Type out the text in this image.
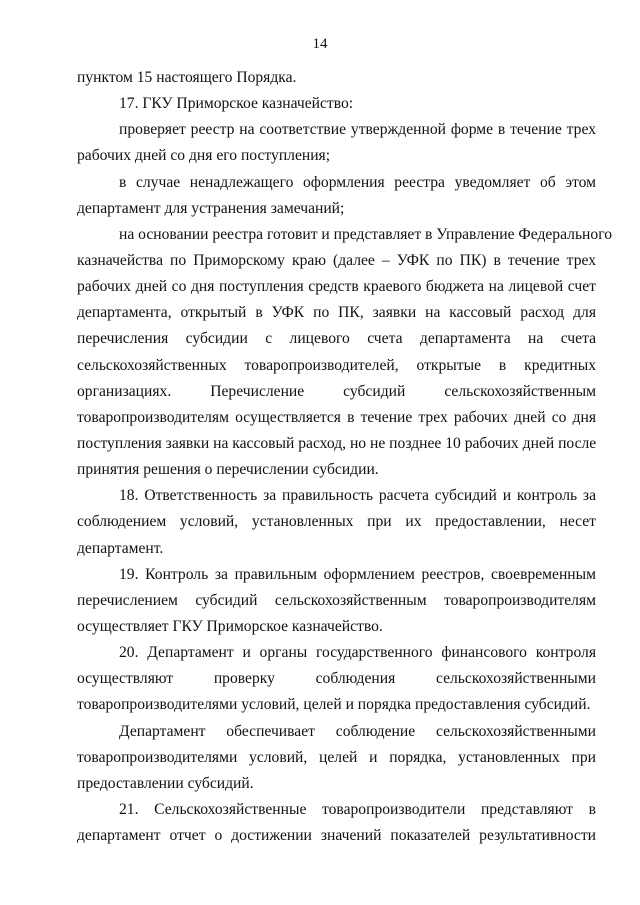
14
пунктом 15 настоящего Порядка.
17. ГКУ Приморское казначейство:
проверяет реестр на соответствие утвержденной форме в течение трех
рабочих дней со дня его поступления;
в случае ненадлежащего оформления реестра уведомляет об этом
департамент для устранения замечаний;
на основании реестра готовит и представляет в Управление Федерального
казначейства по Приморскому краю (далее – УФК по ПК) в течение трех
рабочих дней со дня поступления средств краевого бюджета на лицевой счет
департамента, открытый в УФК по ПК, заявки на кассовый расход для
перечисления субсидии с лицевого счета департамента на счета
сельскохозяйственных товаропроизводителей, открытые в кредитных
организациях. Перечисление субсидий сельскохозяйственным
товаропроизводителям осуществляется в течение трех рабочих дней со дня
поступления заявки на кассовый расход, но не позднее 10 рабочих дней после
принятия решения о перечислении субсидии.
18. Ответственность за правильность расчета субсидий и контроль за
соблюдением условий, установленных при их предоставлении, несет
департамент.
19. Контроль за правильным оформлением реестров, своевременным
перечислением субсидий сельскохозяйственным товаропроизводителям
осуществляет ГКУ Приморское казначейство.
20. Департамент и органы государственного финансового контроля
осуществляют проверку соблюдения сельскохозяйственными
товаропроизводителями условий, целей и порядка предоставления субсидий.
Департамент обеспечивает соблюдение сельскохозяйственными
товаропроизводителями условий, целей и порядка, установленных при
предоставлении субсидий.
21. Сельскохозяйственные товаропроизводители представляют в
департамент отчет о достижении значений показателей результативности
